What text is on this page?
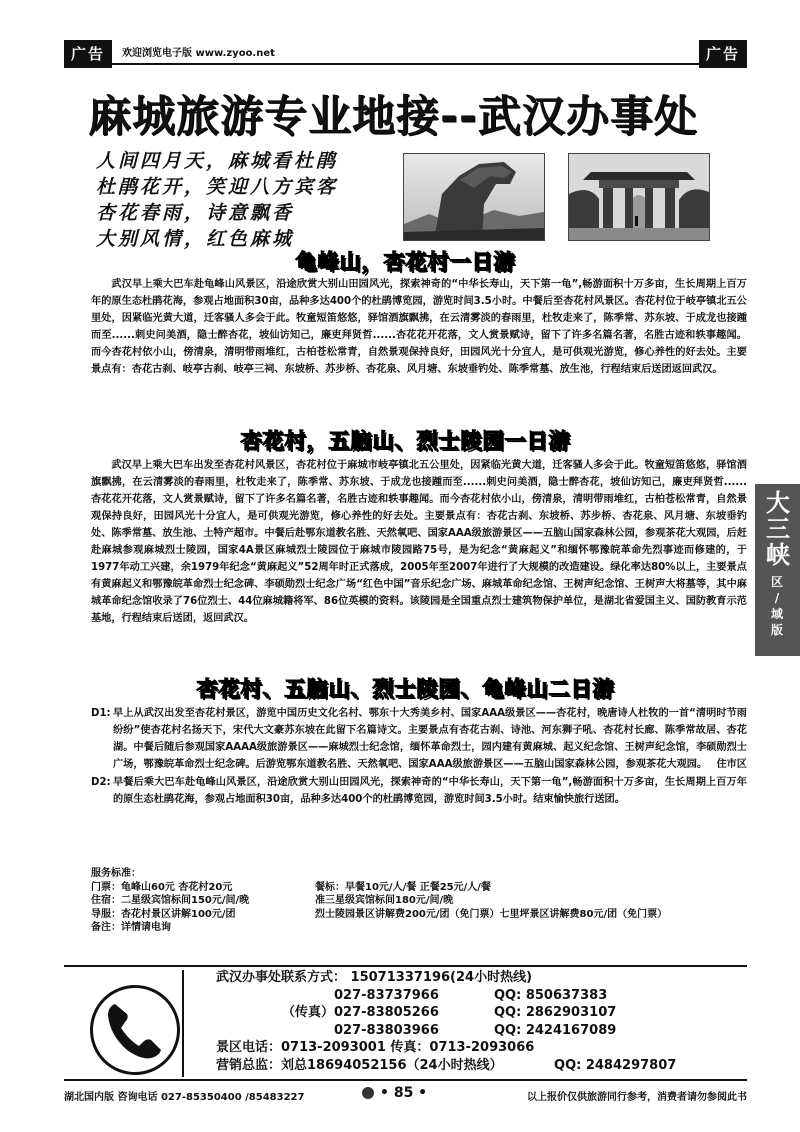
广告	欢迎浏览电子版 www.zyoo.net	广告
麻城旅游专业地接--武汉办事处
人间四月天，麻城看杜鹃
杜鹃花开，笑迎八方宾客
杏花春雨，诗意飘香
大别风情，红色麻城
龟峰山，杏花村一日游

武汉早上乘大巴车赴龟峰山风景区，沿途欣赏大别山田园风光，探索神奇的“中华长寿山，天下第一龟”,畅游面积十万多亩，生长周期上百万年的原生态杜鹃花海，参观占地面积30亩，品种多达400个的杜鹃博览园，游览时间3.5小时。中餐后至杏花村风景区。杏花村位于岐亭镇北五公里处，因紧临光黄大道，迁客骚人多会于此。牧童短笛悠悠，驿馆酒旗飘拂，在云清雾淡的春雨里，杜牧走来了，陈季常、苏东坡、于成龙也接踵而至......刺史问美酒，隐士醉杏花，坡仙访知己，廉吏拜贤哲......杏花花开花落，文人赏景赋诗，留下了许多名篇名著，名胜古迹和轶事趣闻。而今杏花村依小山，傍清泉，清明带雨堆红，古柏苍松常青，自然景观保持良好，田园风光十分宜人，是可供观光游览，修心养性的好去处。主要景点有：杏花古刹、岐亭古刹、岐亭三祠、东坡桥、苏步桥、杏花泉、风月塘、东坡垂钓处、陈季常墓、放生池，行程结束后送团返回武汉。

杏花村，五脑山、烈士陵园一日游

武汉早上乘大巴车出发至杏花村风景区，杏花村位于麻城市岐亭镇北五公里处，因紧临光黄大道，迁客骚人多会于此。牧童短笛悠悠，驿馆酒旗飘拂，在云清雾淡的春雨里，杜牧走来了，陈季常、苏东坡、于成龙也接踵而至......刺史问美酒，隐士醉杏花，坡仙访知己，廉吏拜贤哲......杏花花开花落，文人赏景赋诗，留下了许多名篇名著，名胜古迹和轶事趣闻。而今杏花村依小山，傍清泉，清明带雨堆红，古柏苍松常青，自然景观保持良好，田园风光十分宜人，是可供观光游览，修心养性的好去处。主要景点有：杏花古刹、东坡桥、苏步桥、杏花泉、风月塘、东坡垂钓处、陈季常墓、放生池、土特产超市。中餐后赴鄂东道教名胜、天然氧吧、国家AAA级旅游景区——五脑山国家森林公园，参观茶花大观园，后赶赴麻城参观麻城烈士陵园，国家4A景区麻城烈士陵园位于麻城市陵园路75号，是为纪念“黄麻起义”和缅怀鄂豫皖革命先烈事迹而修建的，于1977年动工兴建，余1979年纪念“黄麻起义”52周年时正式落成，2005年至2007年进行了大规模的改造建设。绿化率达80%以上，主要景点有黄麻起义和鄂豫皖革命烈士纪念碑、李硕勋烈士纪念广场“红色中国”音乐纪念广场、麻城革命纪念馆、王树声纪念馆、王树声大将墓等，其中麻城革命纪念馆收录了76位烈士、44位麻城籍将军、86位英模的资料。该陵园是全国重点烈士建筑物保护单位，是湖北省爱国主义、国防教育示范基地，行程结束后送团，返回武汉。

杏花村、五脑山、烈士陵园、龟峰山二日游
D1: 早上从武汉出发至杏花村景区，游览中国历史文化名村、鄂东十大秀美乡村、国家AAA级景区——杏花村，晚唐诗人杜牧的一首“清明时节雨纷纷”使杏花村名扬天下，宋代大文豪苏东坡在此留下名篇诗文。主要景点有杏花古刹、诗池、河东狮子吼、杏花村长廊、陈季常故居、杏花湖。中餐后随后参观国家AAAA级旅游景区——麻城烈士纪念馆，缅怀革命烈士，园内建有黄麻城、起义纪念馆、王树声纪念馆，李硕勋烈士广场，鄂豫皖革命烈士纪念碑。后游览鄂东道教名胜、天然氧吧、国家AAA级旅游景区——五脑山国家森林公园，参观茶花大观园。 住市区
D2: 早餐后乘大巴车赴龟峰山风景区，沿途欣赏大别山田园风光，探索神奇的“中华长寿山，天下第一龟”,畅游面积十万多亩，生长周期上百万年的原生态杜鹃花海，参观占地面积30亩，品种多达400个的杜鹃博览园，游览时间3.5小时。结束愉快旅行送团。
服务标准：
门票：龟峰山60元 杏花村20元	餐标：早餐10元/人/餐 正餐25元/人/餐
住宿：二星级宾馆标间150元/间/晚	准三星级宾馆标间180元/间/晚
导服：杏花村景区讲解100元/团	烈士陵园景区讲解费200元/团（免门票）七里坪景区讲解费80元/团（免门票）
备注：详情请电询
武汉办事处联系方式： 15071337196(24小时热线)
027-83737966	QQ: 850637383
（传真） 027-83805266	QQ: 2862903107
027-83803966	QQ: 2424167089
景区电话：0713-2093001 传真：0713-2093066
营销总监： 刘总18694052156（24小时热线）	QQ: 2484297807
大
三
峡
区
/
域
版
湖北国内版 咨询电话 027-85350400 /85483227	• 85 •	以上报价仅供旅游同行参考，消费者请勿参阅此书
